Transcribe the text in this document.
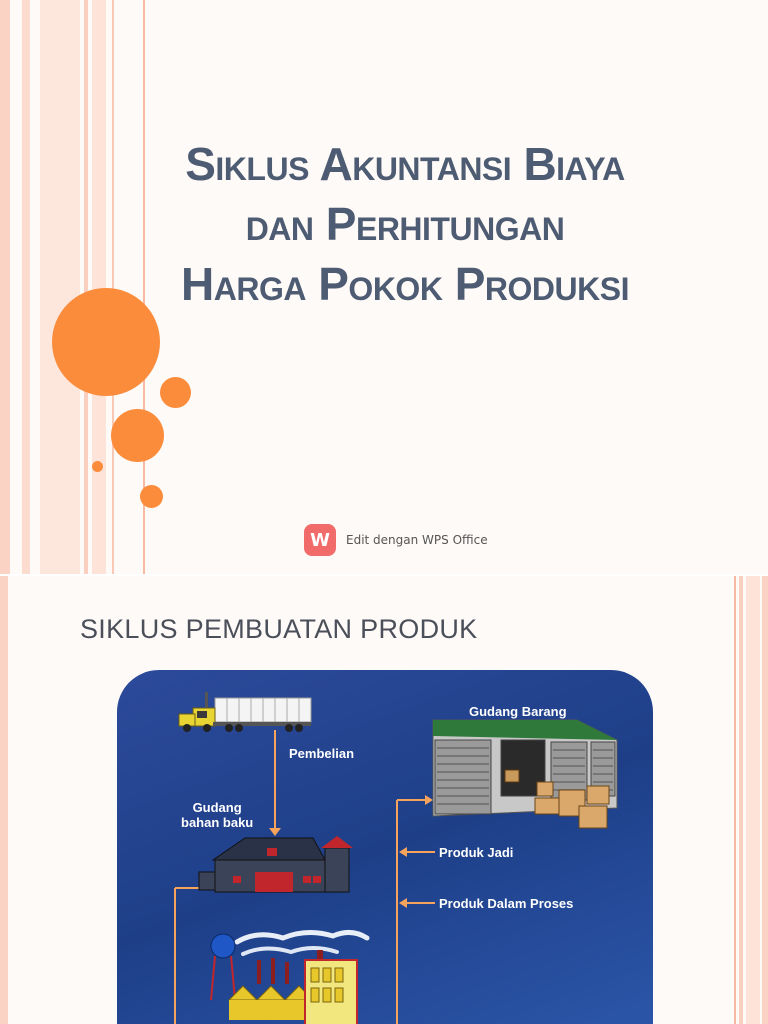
Siklus Akuntansi Biaya
dan Perhitungan
Harga Pokok Produksi
W Edit dengan WPS Office
SIKLUS PEMBUATAN PRODUK
Gudang Barang
Pembelian
Gudang
bahan baku
Produk Jadi
Produk Dalam Proses
